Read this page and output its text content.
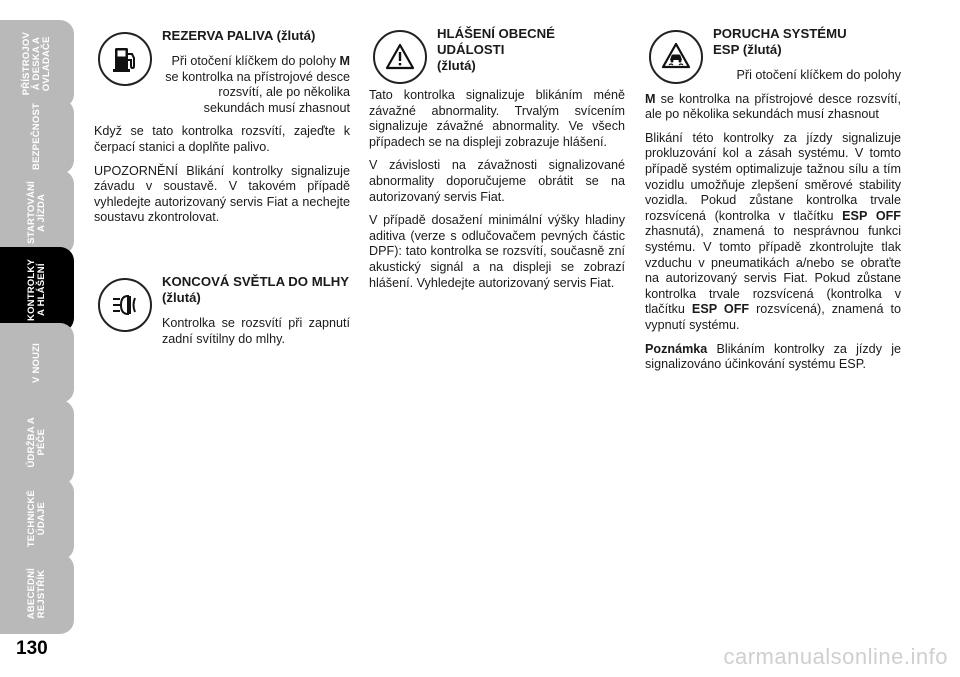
PŘÍSTROJOV
Á DESKA A
OVLADAČE
BEZPEČNOST
STARTOVÁNÍ
A JÍZDA
KONTROLKY
A HLÁŠENÍ
V NOUZI
ÚDRŽBA A
PÉČE
TECHNICKÉ
ÚDAJE
ABECEDNÍ
REJSTŘÍK
130
REZERVA PALIVA (žlutá)

Při otočení klíčkem do polohy M se kontrolka na přístrojové desce rozsvítí, ale po několika sekundách musí zhasnout

Když se tato kontrolka rozsvítí, zajeďte k čerpací stanici a doplňte palivo.

UPOZORNĚNÍ Blikání kontrolky signalizuje závadu v soustavě. V takovém případě vyhledejte autorizovaný servis Fiat a nechejte soustavu zkontrolovat.

KONCOVÁ SVĚTLA DO MLHY (žlutá)

Kontrolka se rozsvítí při zapnutí zadní svítilny do mlhy.

HLÁŠENÍ OBECNÉ
UDÁLOSTI
(žlutá)

Tato kontrolka signalizuje blikáním méně závažné abnormality. Trvalým svícením signalizuje závažné abnormality. Ve všech případech se na displeji zobrazuje hlášení.

V závislosti na závažnosti signalizované abnormality doporučujeme obrátit se na autorizovaný servis Fiat.

V případě dosažení minimální výšky hladiny aditiva (verze s odlučovačem pevných částic DPF): tato kontrolka se rozsvítí, současně zní akustický signál a na displeji se zobrazí hlášení. Vyhledejte autorizovaný servis Fiat.

PORUCHA SYSTÉMU
ESP (žlutá)

Při otočení klíčkem do polohy

M se kontrolka na přístrojové desce rozsvítí, ale po několika sekundách musí zhasnout

Blikání této kontrolky za jízdy signalizuje prokluzování kol a zásah systému. V tomto případě systém optimalizuje tažnou sílu a tím vozidlu umožňuje zlepšení směrové stability vozidla. Pokud zůstane kontrolka trvale rozsvícená (kontrolka v tlačítku ESP OFF zhasnutá), znamená to nesprávnou funkci systému. V tomto případě zkontrolujte tlak vzduchu v pneumatikách a/nebo se obraťte na autorizovaný servis Fiat. Pokud zůstane kontrolka trvale rozsvícená (kontrolka v tlačítku ESP OFF rozsvícená), znamená to vypnutí systému.

Poznámka Blikáním kontrolky za jízdy je signalizováno účinkování systému ESP.

carmanualsonline.info
